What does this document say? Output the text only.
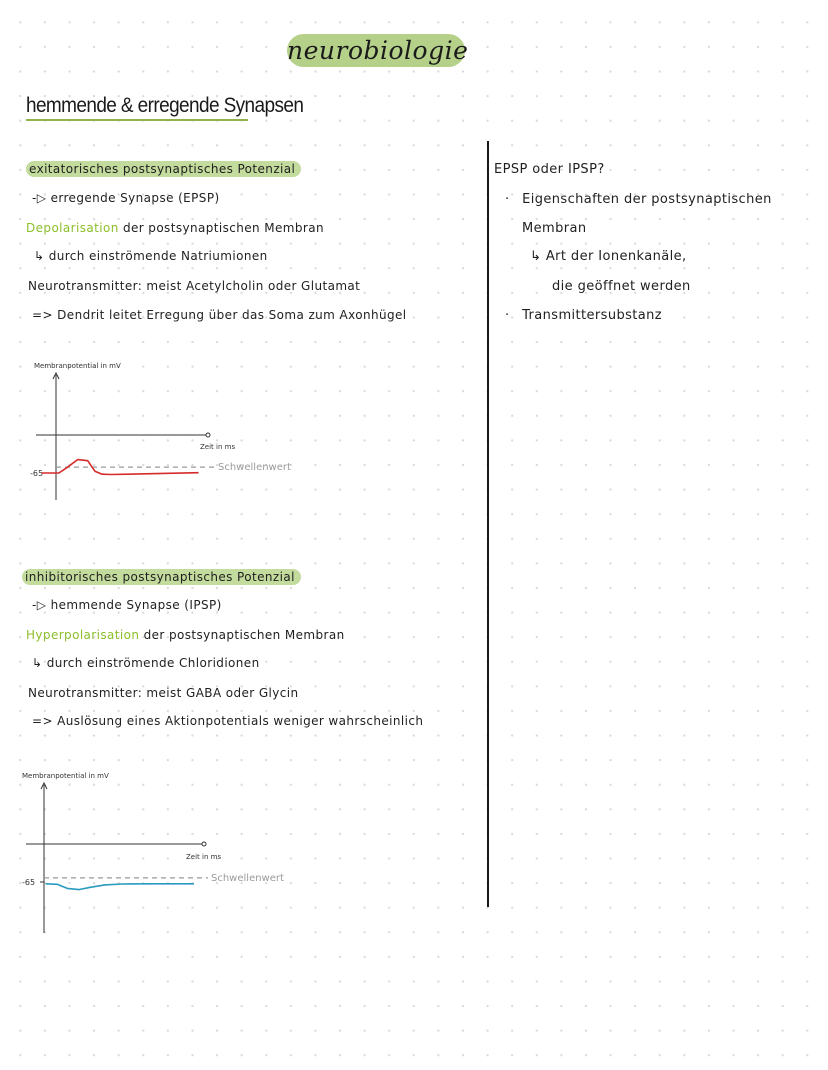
neurobiologie
hemmende & erregende Synapsen
exitatorisches postsynaptisches Potenzial
-▷ erregende Synapse (EPSP)
Depolarisation der postsynaptischen Membran
↳ durch einströmende Natriumionen
Neurotransmitter: meist Acetylcholin oder Glutamat
=> Dendrit leitet Erregung über das Soma zum Axonhügel
Membranpotential in mV
Zeit in ms
-65
Schwellenwert
inhibitorisches postsynaptisches Potenzial
-▷ hemmende Synapse (IPSP)
Hyperpolarisation der postsynaptischen Membran
↳ durch einströmende Chloridionen
Neurotransmitter: meist GABA oder Glycin
=> Auslösung eines Aktionpotentials weniger wahrscheinlich
Membranpotential in mV
Zeit in ms
-65	Schwellenwert
EPSP oder IPSP?
· Eigenschaften der postsynaptischen
Membran
↳ Art der Ionenkanäle,
die geöffnet werden
· Transmittersubstanz
